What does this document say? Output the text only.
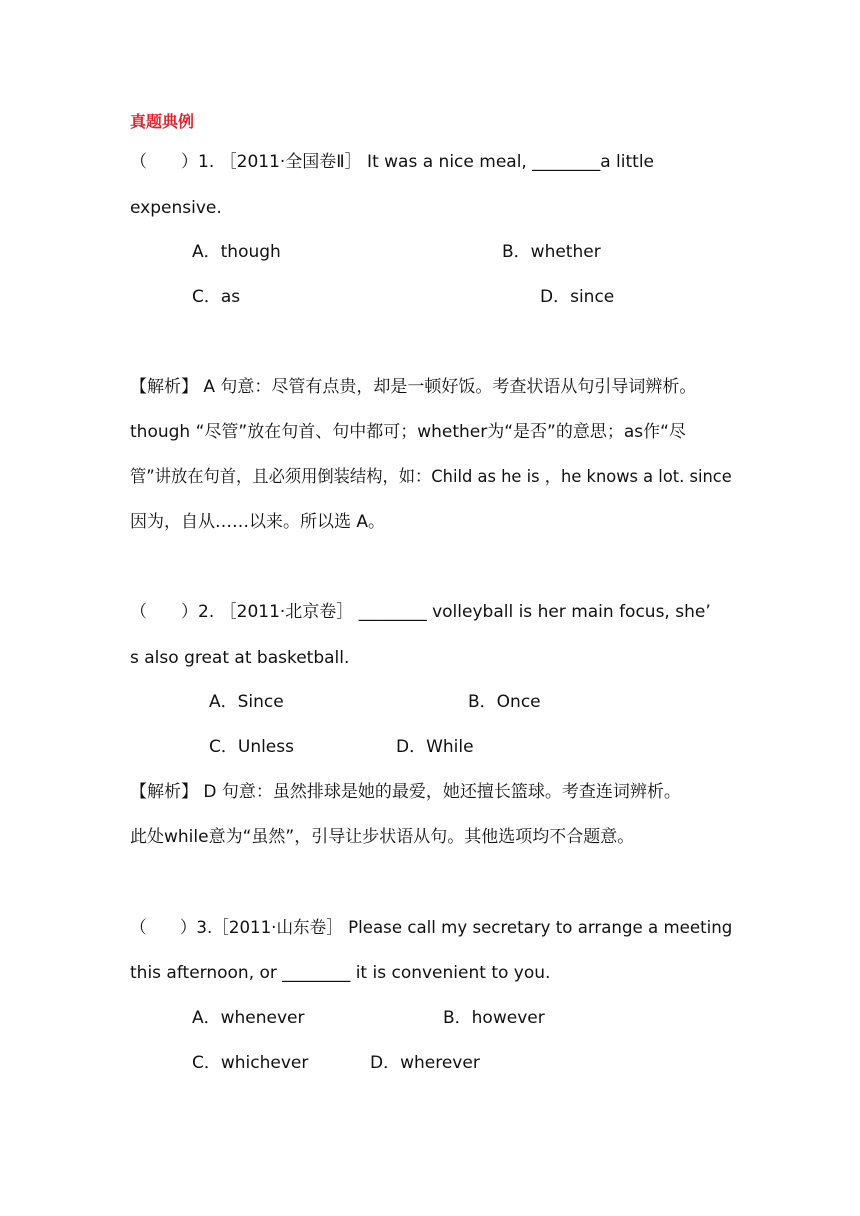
真题典例
（　　）1. ［2011·全国卷Ⅱ］ It was a nice meal, ________a little
expensive.
A．though	B．whether
C．as	D．since
【解析】 A 句意：尽管有点贵，却是一顿好饭。考查状语从句引导词辨析。
though “尽管”放在句首、句中都可；whether为“是否”的意思；as作“尽
管”讲放在句首，且必须用倒装结构，如：Child as he is ，he knows a lot. since
因为，自从……以来。所以选 A。
（　　）2. ［2011·北京卷］ ________ volleyball is her main focus, she’
s also great at basketball.
A．Since	B．Once
C．Unless	D．While
【解析】 D 句意：虽然排球是她的最爱，她还擅长篮球。考查连词辨析。
此处while意为“虽然”，引导让步状语从句。其他选项均不合题意。
（　　）3.［2011·山东卷］ Please call my secretary to arrange a meeting
this afternoon, or ________ it is convenient to you.
A．whenever	B．however
C．whichever	D．wherever
